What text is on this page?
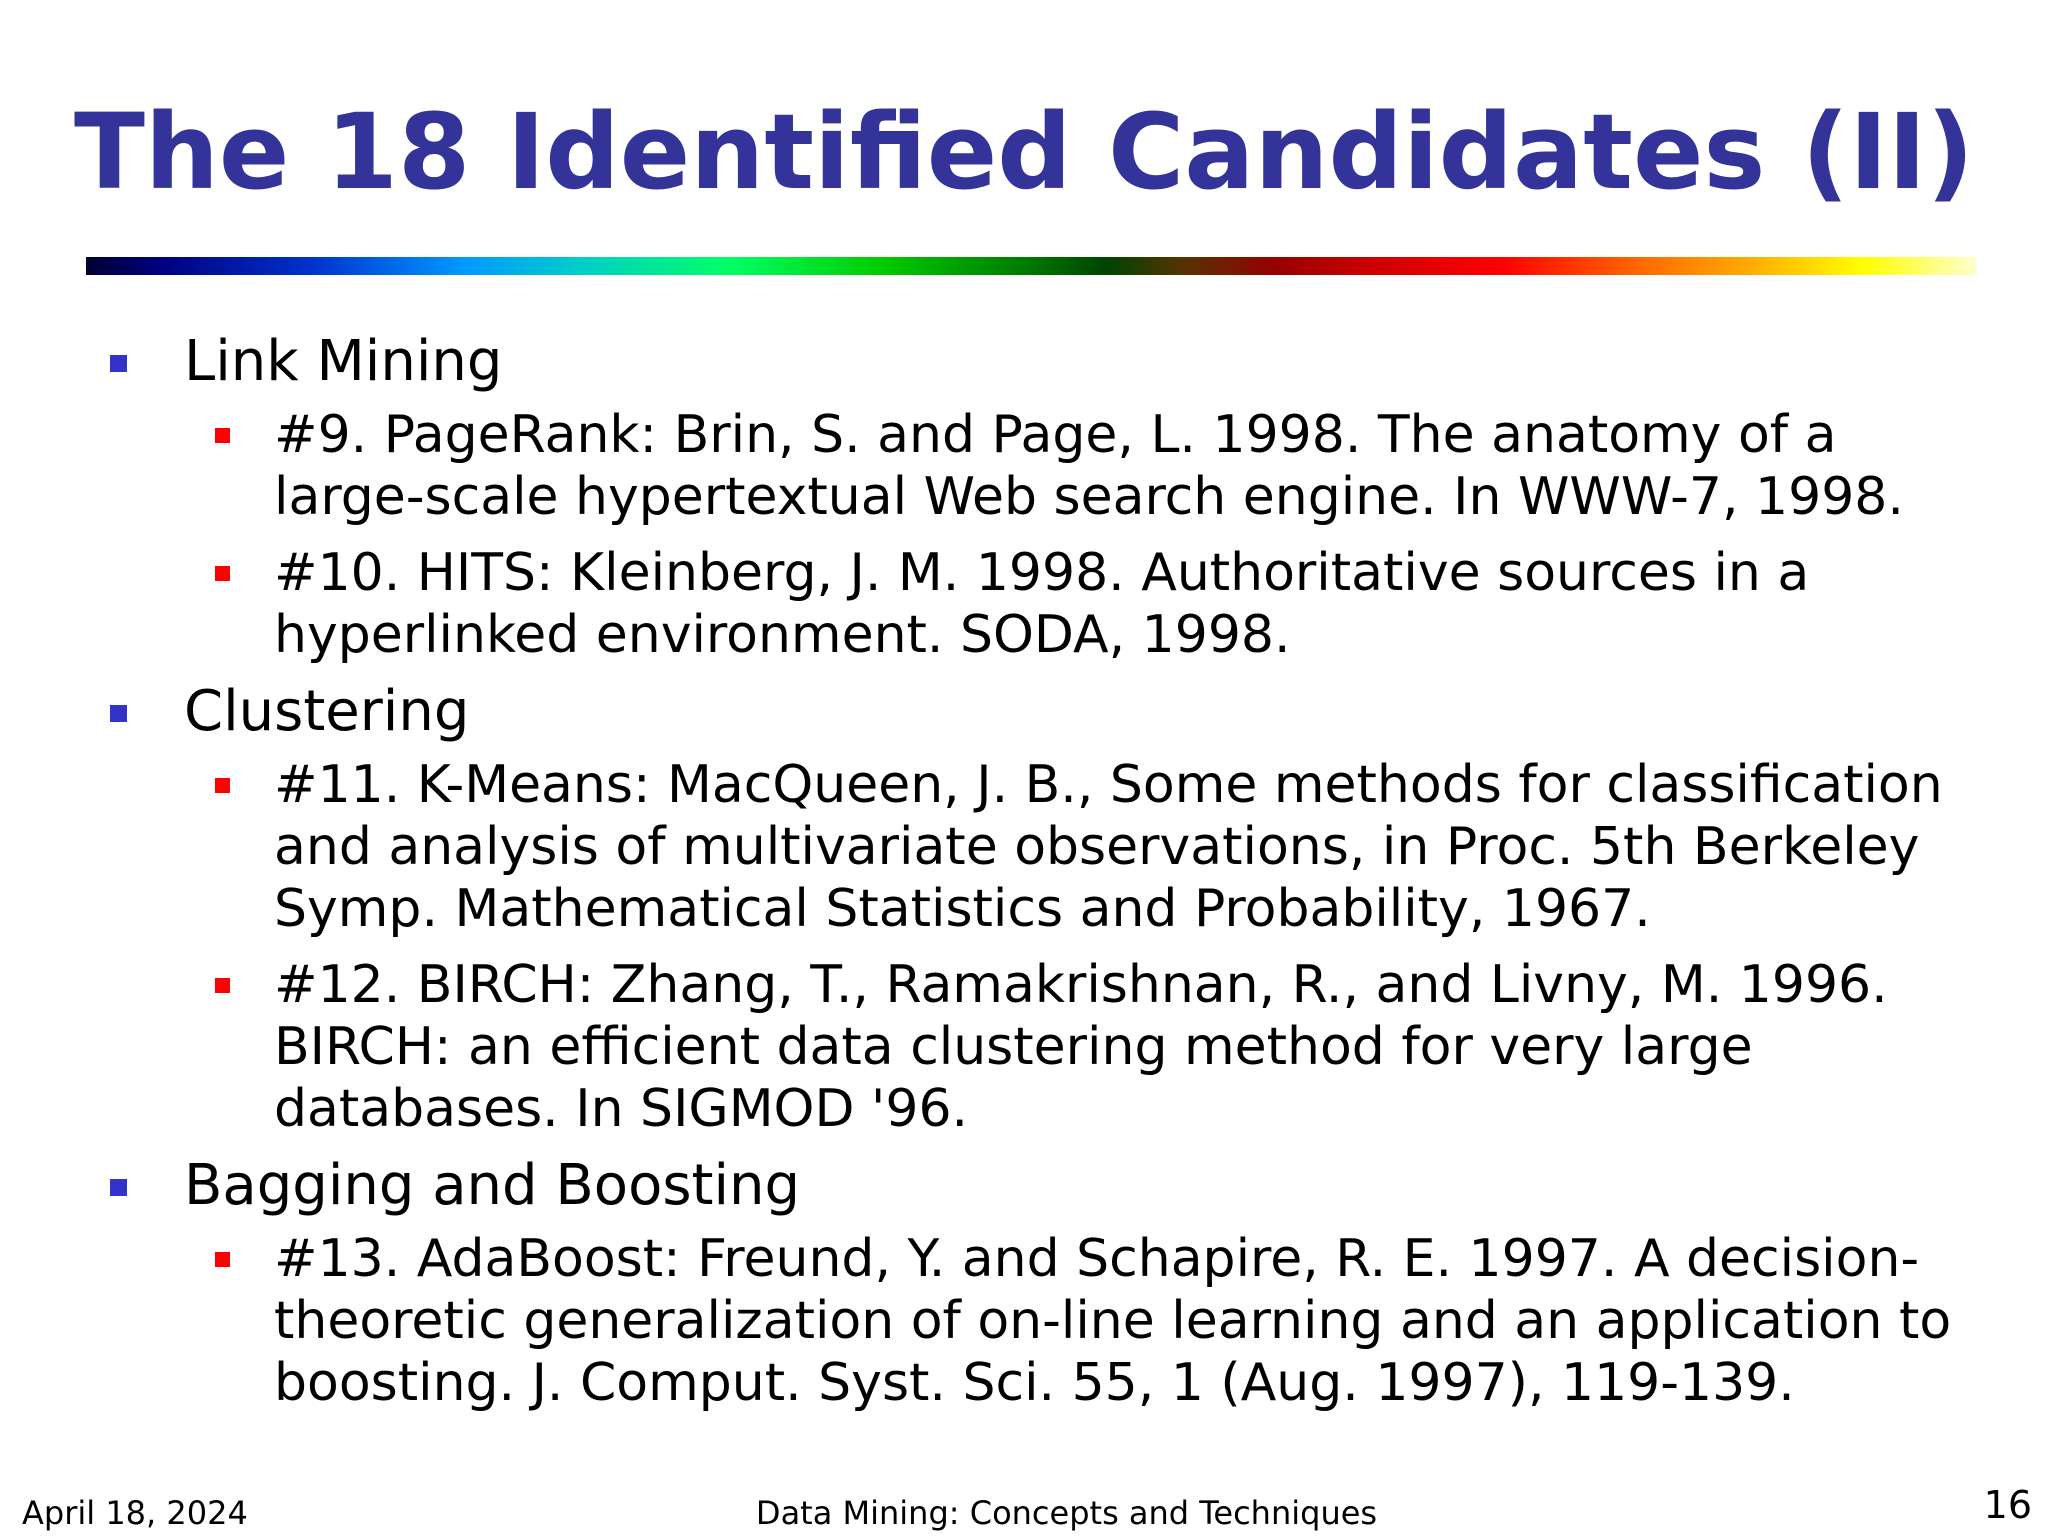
The 18 Identified Candidates (II)
Link Mining
#9. PageRank: Brin, S. and Page, L. 1998. The anatomy of a large-scale hypertextual Web search engine. In WWW-7, 1998.
#10. HITS: Kleinberg, J. M. 1998. Authoritative sources in a hyperlinked environment. SODA, 1998.
Clustering
#11. K-Means: MacQueen, J. B., Some methods for classification and analysis of multivariate observations, in Proc. 5th Berkeley Symp. Mathematical Statistics and Probability, 1967.
#12. BIRCH: Zhang, T., Ramakrishnan, R., and Livny, M. 1996. BIRCH: an efficient data clustering method for very large databases. In SIGMOD '96.
Bagging and Boosting
#13. AdaBoost: Freund, Y. and Schapire, R. E. 1997. A decision-theoretic generalization of on-line learning and an application to boosting. J. Comput. Syst. Sci. 55, 1 (Aug. 1997), 119-139.
April 18, 2024	Data Mining: Concepts and Techniques	16
